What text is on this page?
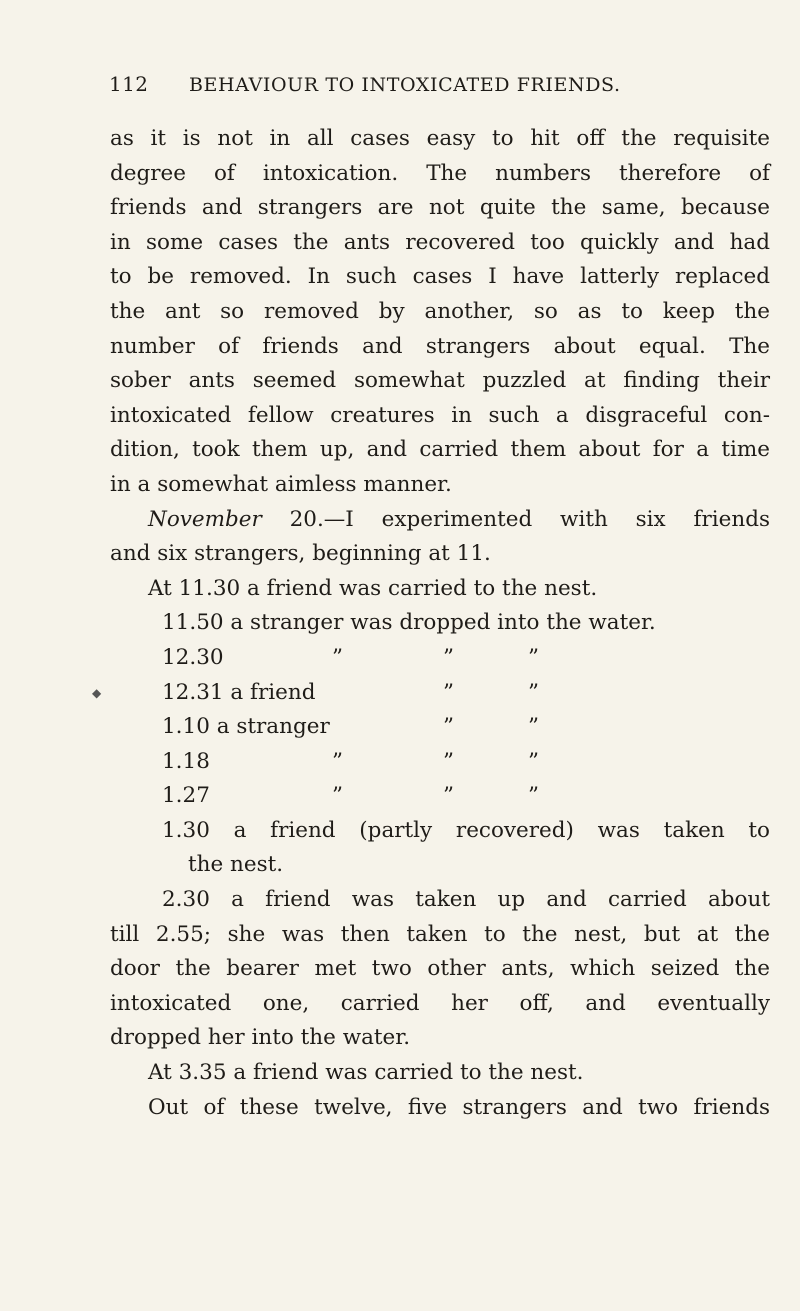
112 BEHAVIOUR TO INTOXICATED FRIENDS.
as it is not in all cases easy to hit off the requisite
degree of intoxication. The numbers therefore of
friends and strangers are not quite the same, because
in some cases the ants recovered too quickly and had
to be removed. In such cases I have latterly replaced
the ant so removed by another, so as to keep the
number of friends and strangers about equal. The
sober ants seemed somewhat puzzled at finding their
intoxicated fellow creatures in such a disgraceful con-
dition, took them up, and carried them about for a time
in a somewhat aimless manner.
November 20.—I experimented with six friends
and six strangers, beginning at 11.
At 11.30 a friend was carried to the nest.
11.50 a stranger was dropped into the water.
12.30	”	”	”
12.31 a friend	”	”
1.10 a stranger	”	”
1.18	”	”	”
1.27	”	”	”
1.30 a friend (partly recovered) was taken to
the nest.
2.30 a friend was taken up and carried about
till 2.55; she was then taken to the nest, but at the
door the bearer met two other ants, which seized the
intoxicated one, carried her off, and eventually
dropped her into the water.
At 3.35 a friend was carried to the nest.
Out of these twelve, five strangers and two friends
◆
